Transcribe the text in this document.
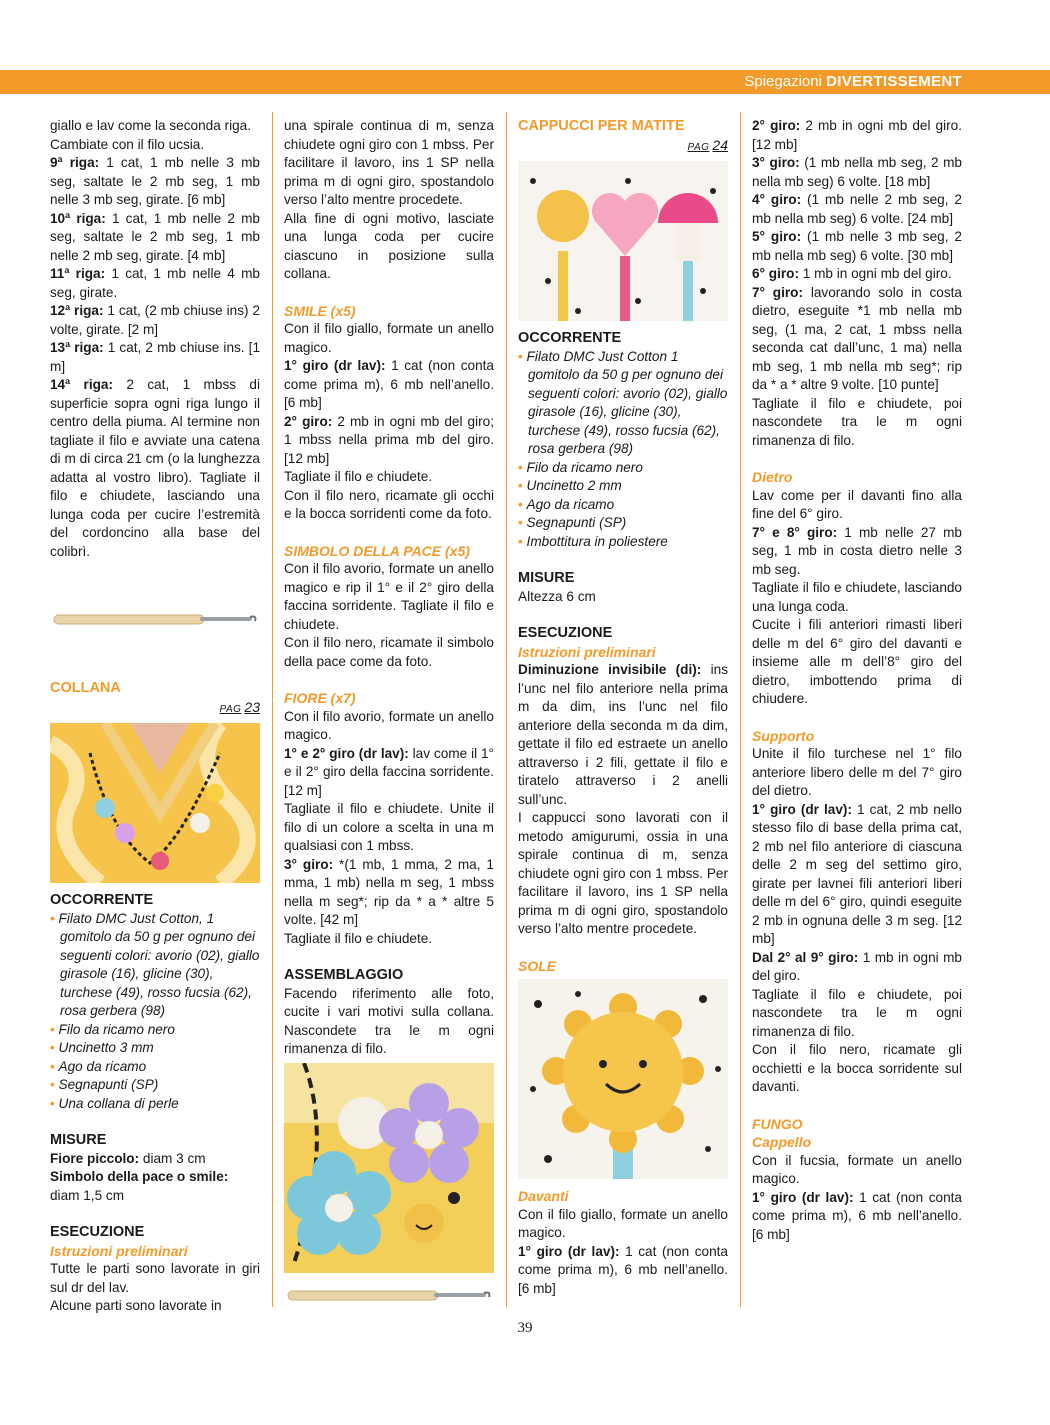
Spiegazioni DIVERTISSEMENT

giallo e lav come la seconda riga.

Cambiate con il filo ucsia.

9ª riga: 1 cat, 1 mb nelle 3 mb seg, saltate le 2 mb seg, 1 mb nelle 3 mb seg, girate. [6 mb]

10ª riga: 1 cat, 1 mb nelle 2 mb seg, saltate le 2 mb seg, 1 mb nelle 2 mb seg, girate. [4 mb]

11ª riga: 1 cat, 1 mb nelle 4 mb seg, girate.

12ª riga: 1 cat, (2 mb chiuse ins) 2 volte, girate. [2 m]

13ª riga: 1 cat, 2 mb chiuse ins. [1 m]

14ª riga: 2 cat, 1 mbss di superficie sopra ogni riga lungo il centro della piuma. Al termine non tagliate il filo e avviate una catena di m di circa 21 cm (o la lunghezza adatta al vostro libro). Tagliate il filo e chiudete, lasciando una lunga coda per cucire l’estremità del cordoncino alla base del colibrì.

COLLANA

PAG 23

OCCORRENTE

• Filato DMC Just Cotton, 1 gomitolo da 50 g per ognuno dei seguenti colori: avorio (02), giallo girasole (16), glicine (30), turchese (49), rosso fucsia (62), rosa gerbera (98)

• Filo da ricamo nero

• Uncinetto 3 mm

• Ago da ricamo

• Segnapunti (SP)

• Una collana di perle

MISURE

Fiore piccolo: diam 3 cm

Simbolo della pace o smile: diam 1,5 cm

ESECUZIONE

Istruzioni preliminari

Tutte le parti sono lavorate in giri sul dr del lav.

Alcune parti sono lavorate in

una spirale continua di m, senza chiudete ogni giro con 1 mbss. Per facilitare il lavoro, ins 1 SP nella prima m di ogni giro, spostandolo verso l’alto mentre procedete.

Alla fine di ogni motivo, lasciate una lunga coda per cucire ciascuno in posizione sulla collana.

SMILE (x5)

Con il filo giallo, formate un anello magico.

1° giro (dr lav): 1 cat (non conta come prima m), 6 mb nell’anello. [6 mb]

2° giro: 2 mb in ogni mb del giro; 1 mbss nella prima mb del giro. [12 mb]

Tagliate il filo e chiudete.

Con il filo nero, ricamate gli occhi e la bocca sorridenti come da foto.

SIMBOLO DELLA PACE (x5)

Con il filo avorio, formate un anello magico e rip il 1° e il 2° giro della faccina sorridente. Tagliate il filo e chiudete.

Con il filo nero, ricamate il simbolo della pace come da foto.

FIORE (x7)

Con il filo avorio, formate un anello magico.

1° e 2° giro (dr lav): lav come il 1° e il 2° giro della faccina sorridente. [12 m]

Tagliate il filo e chiudete. Unite il filo di un colore a scelta in una m qualsiasi con 1 mbss.

3° giro: *(1 mb, 1 mma, 2 ma, 1 mma, 1 mb) nella m seg, 1 mbss nella m seg*; rip da * a * altre 5 volte. [42 m]

Tagliate il filo e chiudete.

ASSEMBLAGGIO

Facendo riferimento alle foto, cucite i vari motivi sulla collana. Nascondete tra le m ogni rimanenza di filo.

CAPPUCCI PER MATITE

PAG 24

OCCORRENTE

• Filato DMC Just Cotton 1 gomitolo da 50 g per ognuno dei seguenti colori: avorio (02), giallo girasole (16), glicine (30), turchese (49), rosso fucsia (62), rosa gerbera (98)

• Filo da ricamo nero

• Uncinetto 2 mm

• Ago da ricamo

• Segnapunti (SP)

• Imbottitura in poliestere

MISURE

Altezza 6 cm

ESECUZIONE

Istruzioni preliminari

Diminuzione invisibile (di): ins l’unc nel filo anteriore nella prima m da dim, ins l’unc nel filo anteriore della seconda m da dim, gettate il filo ed estraete un anello attraverso i 2 fili, gettate il filo e tiratelo attraverso i 2 anelli sull’unc.

I cappucci sono lavorati con il metodo amigurumi, ossia in una spirale continua di m, senza chiudete ogni giro con 1 mbss. Per facilitare il lavoro, ins 1 SP nella prima m di ogni giro, spostandolo verso l’alto mentre procedete.

SOLE

Davanti

Con il filo giallo, formate un anello magico.

1° giro (dr lav): 1 cat (non conta come prima m), 6 mb nell’anello. [6 mb]

2° giro: 2 mb in ogni mb del giro. [12 mb]

3° giro: (1 mb nella mb seg, 2 mb nella mb seg) 6 volte. [18 mb]

4° giro: (1 mb nelle 2 mb seg, 2 mb nella mb seg) 6 volte. [24 mb]

5° giro: (1 mb nelle 3 mb seg, 2 mb nella mb seg) 6 volte. [30 mb]

6° giro: 1 mb in ogni mb del giro.

7° giro: lavorando solo in costa dietro, eseguite *1 mb nella mb seg, (1 ma, 2 cat, 1 mbss nella seconda cat dall’unc, 1 ma) nella mb seg, 1 mb nella mb seg*; rip da * a * altre 9 volte. [10 punte]

Tagliate il filo e chiudete, poi nascondete tra le m ogni rimanenza di filo.

Dietro

Lav come per il davanti fino alla fine del 6° giro.

7° e 8° giro: 1 mb nelle 27 mb seg, 1 mb in costa dietro nelle 3 mb seg.

Tagliate il filo e chiudete, lasciando una lunga coda.

Cucite i fili anteriori rimasti liberi delle m del 6° giro del davanti e insieme alle m dell’8° giro del dietro, imbottendo prima di chiudere.

Supporto

Unite il filo turchese nel 1° filo anteriore libero delle m del 7° giro del dietro.

1° giro (dr lav): 1 cat, 2 mb nello stesso filo di base della prima cat, 2 mb nel filo anteriore di ciascuna delle 2 m seg del settimo giro, girate per lavnei fili anteriori liberi delle m del 6° giro, quindi eseguite 2 mb in ognuna delle 3 m seg. [12 mb]

Dal 2° al 9° giro: 1 mb in ogni mb del giro.

Tagliate il filo e chiudete, poi nascondete tra le m ogni rimanenza di filo.

Con il filo nero, ricamate gli occhietti e la bocca sorridente sul davanti.

FUNGO

Cappello

Con il fucsia, formate un anello magico.

1° giro (dr lav): 1 cat (non conta come prima m), 6 mb nell’anello. [6 mb]

39
